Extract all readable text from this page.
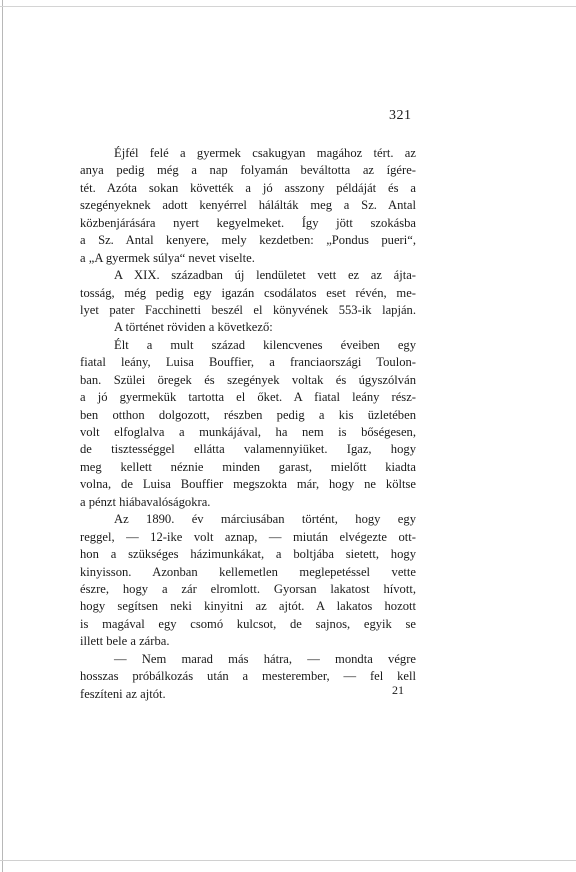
321
Éjfél felé a gyermek csakugyan magához tért. az
anya pedig még a nap folyamán beváltotta az ígére-
tét. Azóta sokan követték a jó asszony példáját és a
szegényeknek adott kenyérrel hálálták meg a Sz. Antal
közbenjárására nyert kegyelmeket. Így jött szokásba
a Sz. Antal kenyere, mely kezdetben: „Pondus pueri“,
a „A gyermek súlya“ nevet viselte.
A XIX. században új lendületet vett ez az ájta-
tosság, még pedig egy igazán csodálatos eset révén, me-
lyet pater Facchinetti beszél el könyvének 553-ik lapján.
A történet röviden a következő:
Élt a mult század kilencvenes éveiben egy
fiatal leány, Luisa Bouffier, a franciaországi Toulon-
ban. Szülei öregek és szegények voltak és úgyszólván
a jó gyermekük tartotta el őket. A fiatal leány rész-
ben otthon dolgozott, részben pedig a kis üzletében
volt elfoglalva a munkájával, ha nem is bőségesen,
de tisztességgel ellátta valamennyiüket. Igaz, hogy
meg kellett néznie minden garast, mielőtt kiadta
volna, de Luisa Bouffier megszokta már, hogy ne költse
a pénzt hiábavalóságokra.
Az 1890. év márciusában történt, hogy egy
reggel, — 12-ike volt aznap, — miután elvégezte ott-
hon a szükséges házimunkákat, a boltjába sietett, hogy
kinyisson. Azonban kellemetlen meglepetéssel vette
észre, hogy a zár elromlott. Gyorsan lakatost hívott,
hogy segítsen neki kinyitni az ajtót. A lakatos hozott
is magával egy csomó kulcsot, de sajnos, egyik se
illett bele a zárba.
— Nem marad más hátra, — mondta végre
hosszas próbálkozás után a mesterember, — fel kell
feszíteni az ajtót.	21
